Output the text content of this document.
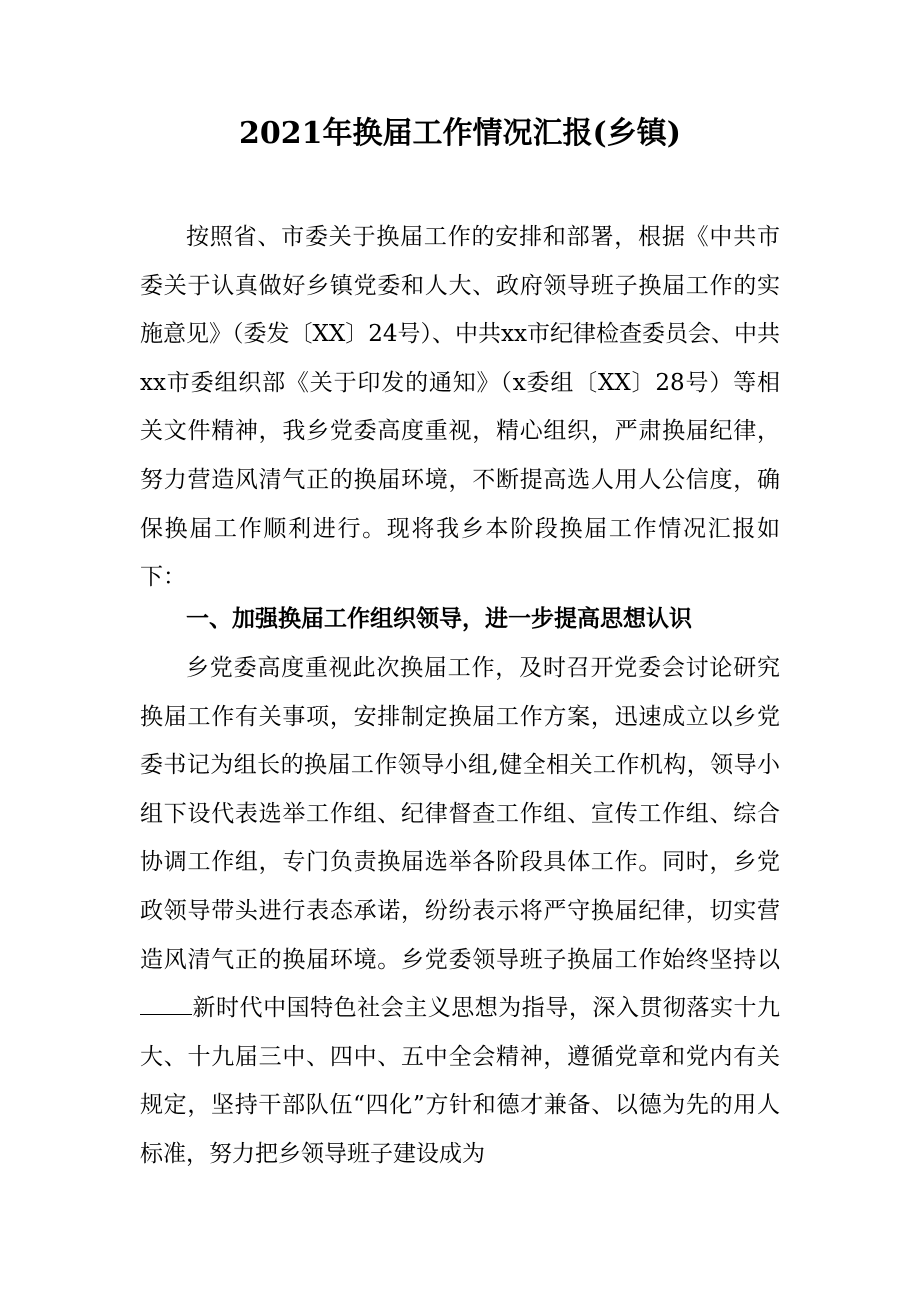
2021年换届工作情况汇报(乡镇)

按照省、市委关于换届工作的安排和部署，根据《中共市委关于认真做好乡镇党委和人大、政府领导班子换届工作的实施意见》（委发〔XX〕24号）、中共xx市纪律检查委员会、中共xx市委组织部《关于印发的通知》（x委组〔XX〕28号）等相关文件精神，我乡党委高度重视，精心组织，严肃换届纪律，努力营造风清气正的换届环境，不断提高选人用人公信度，确保换届工作顺利进行。现将我乡本阶段换届工作情况汇报如下：

一、加强换届工作组织领导，进一步提高思想认识

乡党委高度重视此次换届工作，及时召开党委会讨论研究换届工作有关事项，安排制定换届工作方案，迅速成立以乡党委书记为组长的换届工作领导小组,健全相关工作机构，领导小组下设代表选举工作组、纪律督查工作组、宣传工作组、综合协调工作组，专门负责换届选举各阶段具体工作。同时，乡党政领导带头进行表态承诺，纷纷表示将严守换届纪律，切实营造风清气正的换届环境。乡党委领导班子换届工作始终坚持以新时代中国特色社会主义思想为指导，深入贯彻落实十九大、十九届三中、四中、五中全会精神，遵循党章和党内有关规定，坚持干部队伍“四化”方针和德才兼备、以德为先的用人标准，努力把乡领导班子建设成为
